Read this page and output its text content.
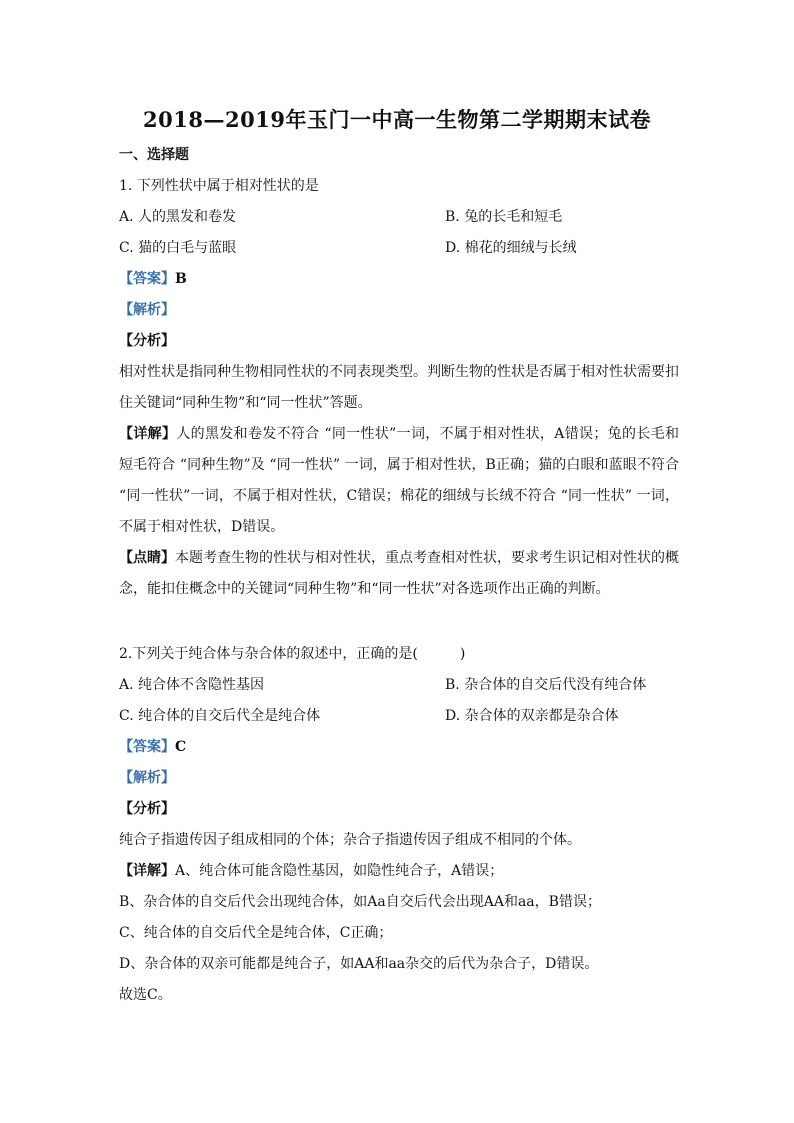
2018—2019年玉门一中高一生物第二学期期末试卷
一、选择题
1. 下列性状中属于相对性状的是
A. 人的黑发和卷发	B. 兔的长毛和短毛
C. 猫的白毛与蓝眼	D. 棉花的细绒与长绒
【答案】B
【解析】
【分析】
相对性状是指同种生物相同性状的不同表现类型。判断生物的性状是否属于相对性状需要扣住关键词“同种生物”和“同一性状”答题。
【详解】人的黑发和卷发不符合 “同一性状”一词，不属于相对性状，A错误；兔的长毛和短毛符合 “同种生物”及 “同一性状” 一词，属于相对性状，B正确；猫的白眼和蓝眼不符合 “同一性状”一词，不属于相对性状，C错误；棉花的细绒与长绒不符合 “同一性状” 一词，不属于相对性状，D错误。
【点睛】本题考查生物的性状与相对性状，重点考查相对性状，要求考生识记相对性状的概念，能扣住概念中的关键词“同种生物”和“同一性状”对各选项作出正确的判断。
2.下列关于纯合体与杂合体的叙述中，正确的是(　　　)
A. 纯合体不含隐性基因	B. 杂合体的自交后代没有纯合体
C. 纯合体的自交后代全是纯合体	D. 杂合体的双亲都是杂合体
【答案】C
【解析】
【分析】
纯合子指遗传因子组成相同的个体；杂合子指遗传因子组成不相同的个体。
【详解】A、纯合体可能含隐性基因，如隐性纯合子，A错误；
B、杂合体的自交后代会出现纯合体，如Aa自交后代会出现AA和aa，B错误；
C、纯合体的自交后代全是纯合体，C正确；
D、杂合体的双亲可能都是纯合子，如AA和aa杂交的后代为杂合子，D错误。
故选C。
